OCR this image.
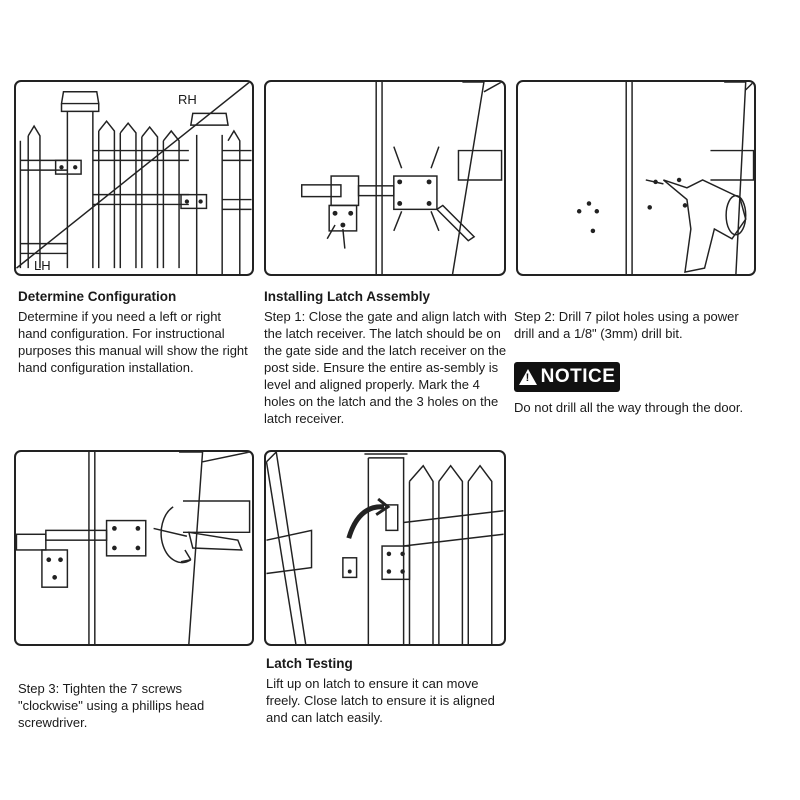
RH
LH
Determine Configuration
Determine if you need a left or right hand configuration. For instructional purposes this manual will show the right hand configuration installation.
Installing Latch Assembly
Step 1: Close the gate and align latch with the latch receiver. The latch should be on the gate side and the latch receiver on the post side. Ensure the entire as-sembly is level and aligned properly. Mark the 4 holes on the latch and the 3 holes on the latch receiver.
Step 2: Drill 7 pilot holes using a power drill and a 1/8" (3mm) drill bit.
! NOTICE
Do not drill all the way through the door.
Step 3: Tighten the 7 screws "clockwise" using a phillips head screwdriver.
Latch Testing
Lift up on latch to ensure it can move freely. Close latch to ensure it is aligned and can latch easily.
